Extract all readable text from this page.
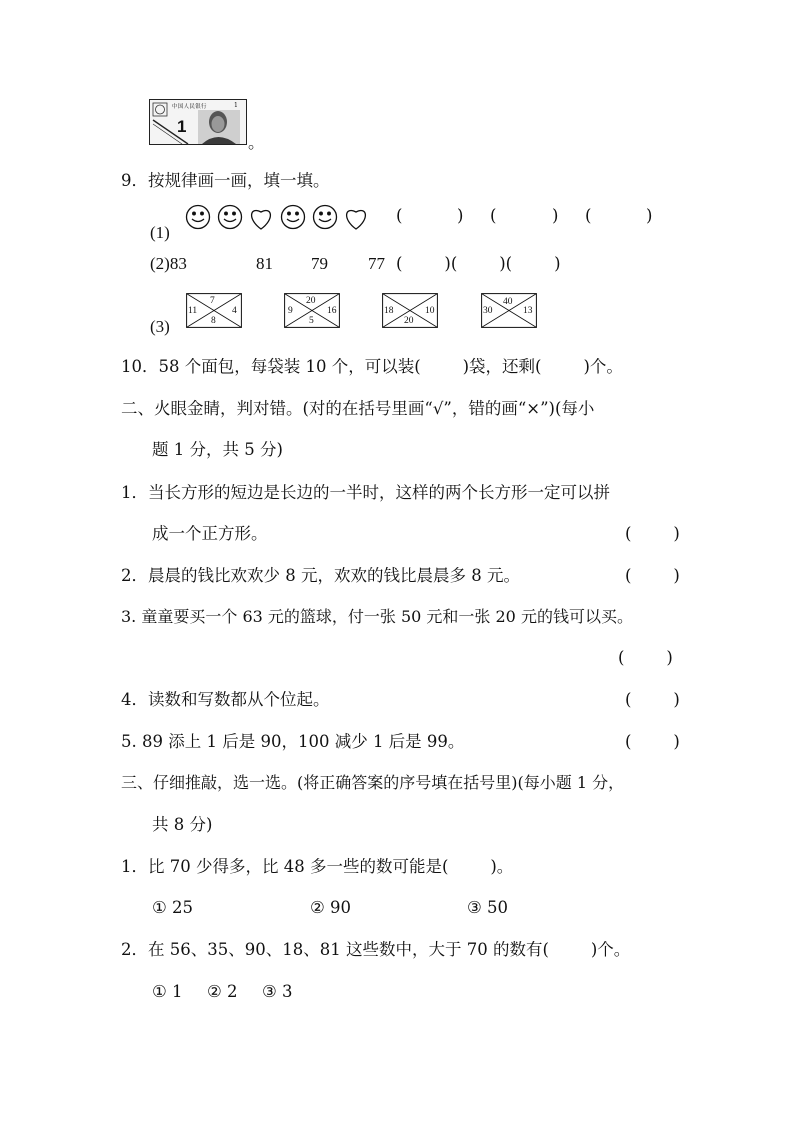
中国人民银行	1
1
。
9．按规律画一画，填一填。
(1)
(	) (	) (	)
(2)83	81 79 77 (        )(        )(        )
(3)
7
11	4
8
20
9	16
5
18	10
20
40
30	13
10．58 个面包，每袋装 10 个，可以装(        )袋，还剩(        )个。
二、火眼金睛，判对错。(对的在括号里画“√”，错的画“×”)(每小
题 1 分，共 5 分)
1．当长方形的短边是长边的一半时，这样的两个长方形一定可以拼
成一个正方形。	(        )
2．晨晨的钱比欢欢少 8 元，欢欢的钱比晨晨多 8 元。	(        )
3. 童童要买一个 63 元的篮球，付一张 50 元和一张 20 元的钱可以买。
(        )
4．读数和写数都从个位起。	(        )
5. 89 添上 1 后是 90，100 减少 1 后是 99。	(        )
三、仔细推敲，选一选。(将正确答案的序号填在括号里)(每小题 1 分，
共 8 分)
1．比 70 少得多，比 48 多一些的数可能是(        )。
① 25	② 90	③ 50
2．在 56、35、90、18、81 这些数中，大于 70 的数有(        )个。
① 1 ② 2 ③ 3
